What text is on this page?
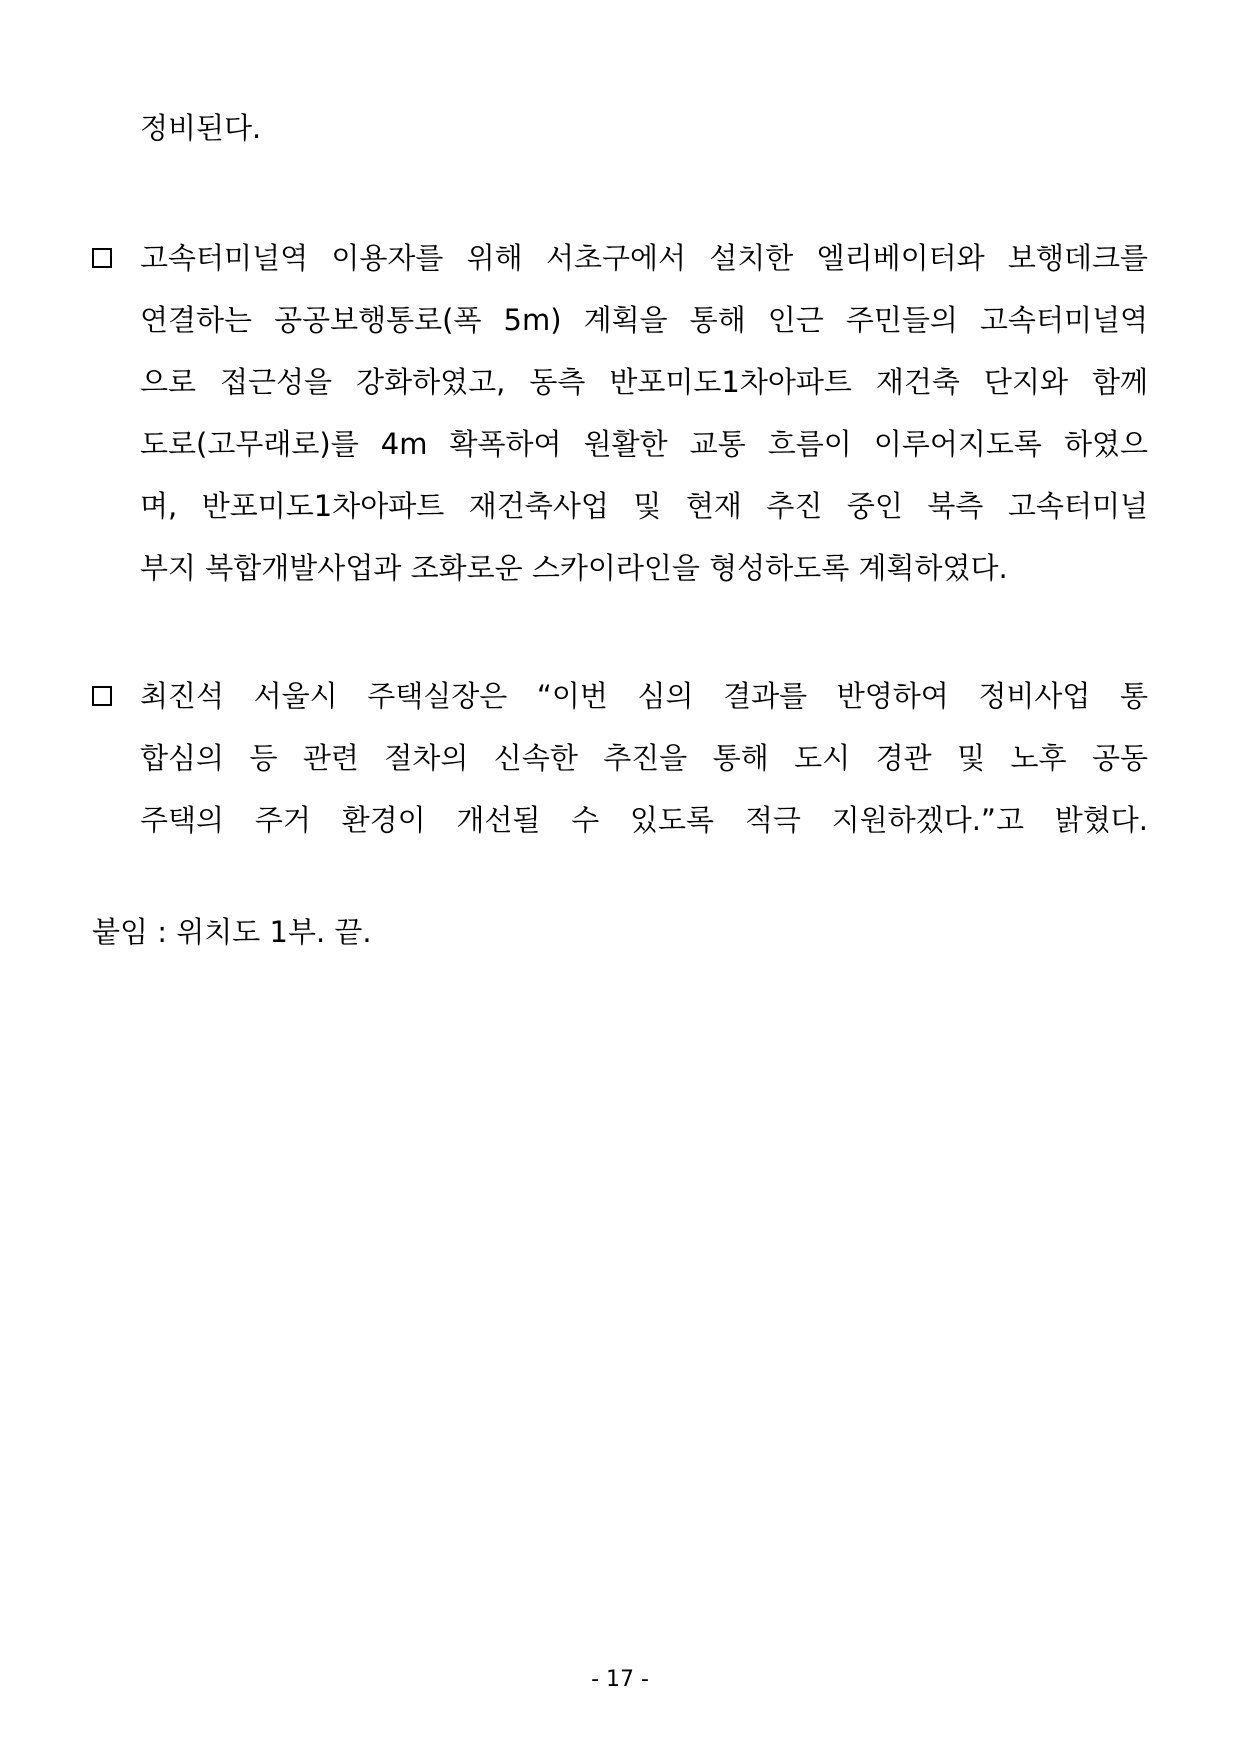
정비된다.
고속터미널역 이용자를 위해 서초구에서 설치한 엘리베이터와 보행데크를
연결하는 공공보행통로(폭 5m) 계획을 통해 인근 주민들의 고속터미널역
으로 접근성을 강화하였고, 동측 반포미도1차아파트 재건축 단지와 함께
도로(고무래로)를 4m 확폭하여 원활한 교통 흐름이 이루어지도록 하였으
며, 반포미도1차아파트 재건축사업 및 현재 추진 중인 북측 고속터미널
부지 복합개발사업과 조화로운 스카이라인을 형성하도록 계획하였다.
최진석 서울시 주택실장은 “이번 심의 결과를 반영하여 정비사업 통
합심의 등 관련 절차의 신속한 추진을 통해 도시 경관 및 노후 공동
주택의 주거 환경이 개선될 수 있도록 적극 지원하겠다.”고 밝혔다.
붙임 : 위치도 1부. 끝.
- 17 -
